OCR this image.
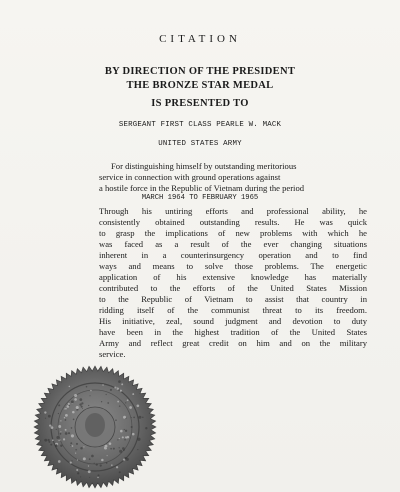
CITATION
BY DIRECTION OF THE PRESIDENT
THE BRONZE STAR MEDAL
IS PRESENTED TO
SERGEANT FIRST CLASS PEARLE W. MACK
UNITED STATES ARMY
For distinguishing himself by outstanding meritorious
service in connection with ground operations against
a hostile force in the Republic of Vietnam during the period
MARCH 1964 TO FEBRUARY 1965
Through his untiring efforts and professional ability, he
consistently obtained outstanding results. He was quick
to grasp the implications of new problems with which he
was faced as a result of the ever changing situations
inherent in a counterinsurgency operation and to find
ways and means to solve those problems. The energetic
application of his extensive knowledge has materially
contributed to the efforts of the United States Mission
to the Republic of Vietnam to assist that country in
ridding itself of the communist threat to its freedom.
His initiative, zeal, sound judgment and devotion to duty
have been in the highest tradition of the United States
Army and reflect great credit on him and on the military
service.
